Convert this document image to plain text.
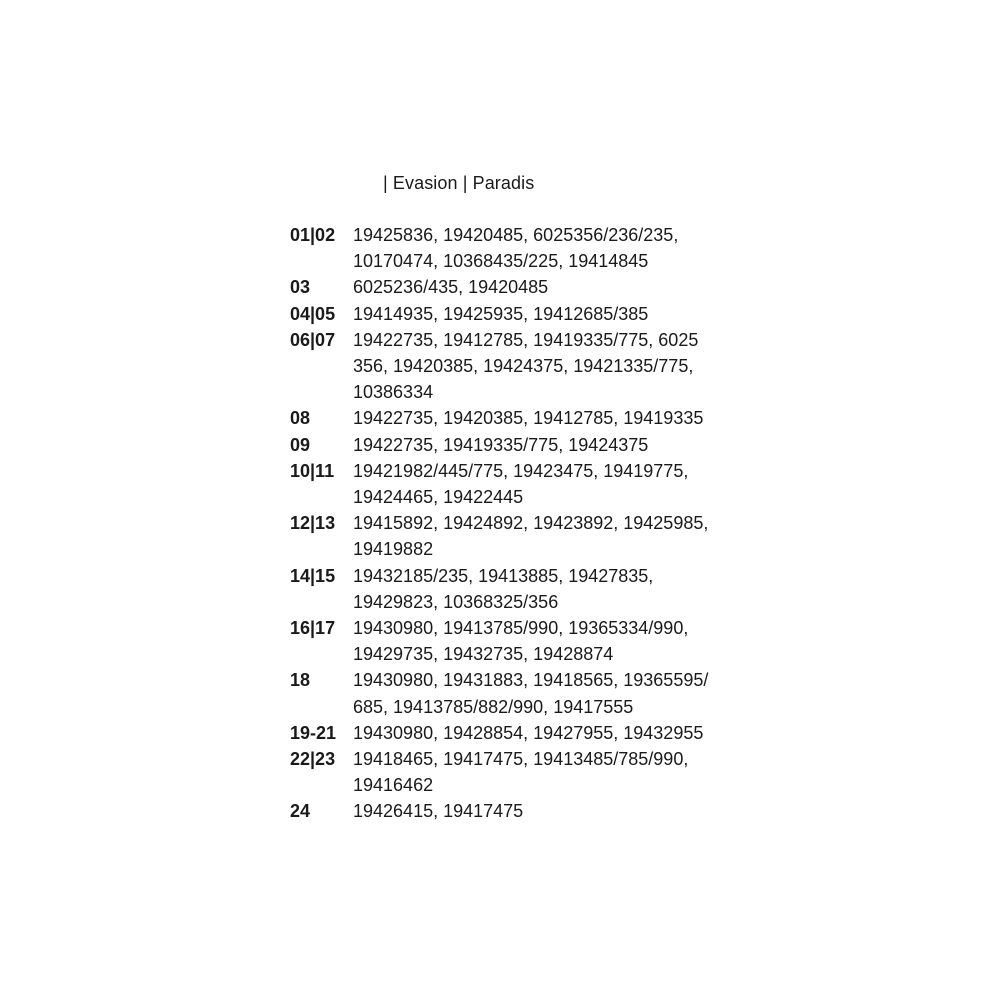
| Evasion | Paradis
01|02 19425836, 19420485, 6025356/236/235,
10170474, 10368435/225, 19414845
03	6025236/435, 19420485
04|05 19414935, 19425935, 19412685/385
06|07 19422735, 19412785, 19419335/775, 6025
356, 19420385, 19424375, 19421335/775,
10386334
08	19422735, 19420385, 19412785, 19419335
09	19422735, 19419335/775, 19424375
10|11	19421982/445/775, 19423475, 19419775,
19424465, 19422445
12|13 19415892, 19424892, 19423892, 19425985,
19419882
14|15 19432185/235, 19413885, 19427835,
19429823, 10368325/356
16|17 19430980, 19413785/990, 19365334/990,
19429735, 19432735, 19428874
18	19430980, 19431883, 19418565, 19365595/
685, 19413785/882/990, 19417555
19-21 19430980, 19428854, 19427955, 19432955
22|23 19418465, 19417475, 19413485/785/990,
19416462
24	19426415, 19417475
